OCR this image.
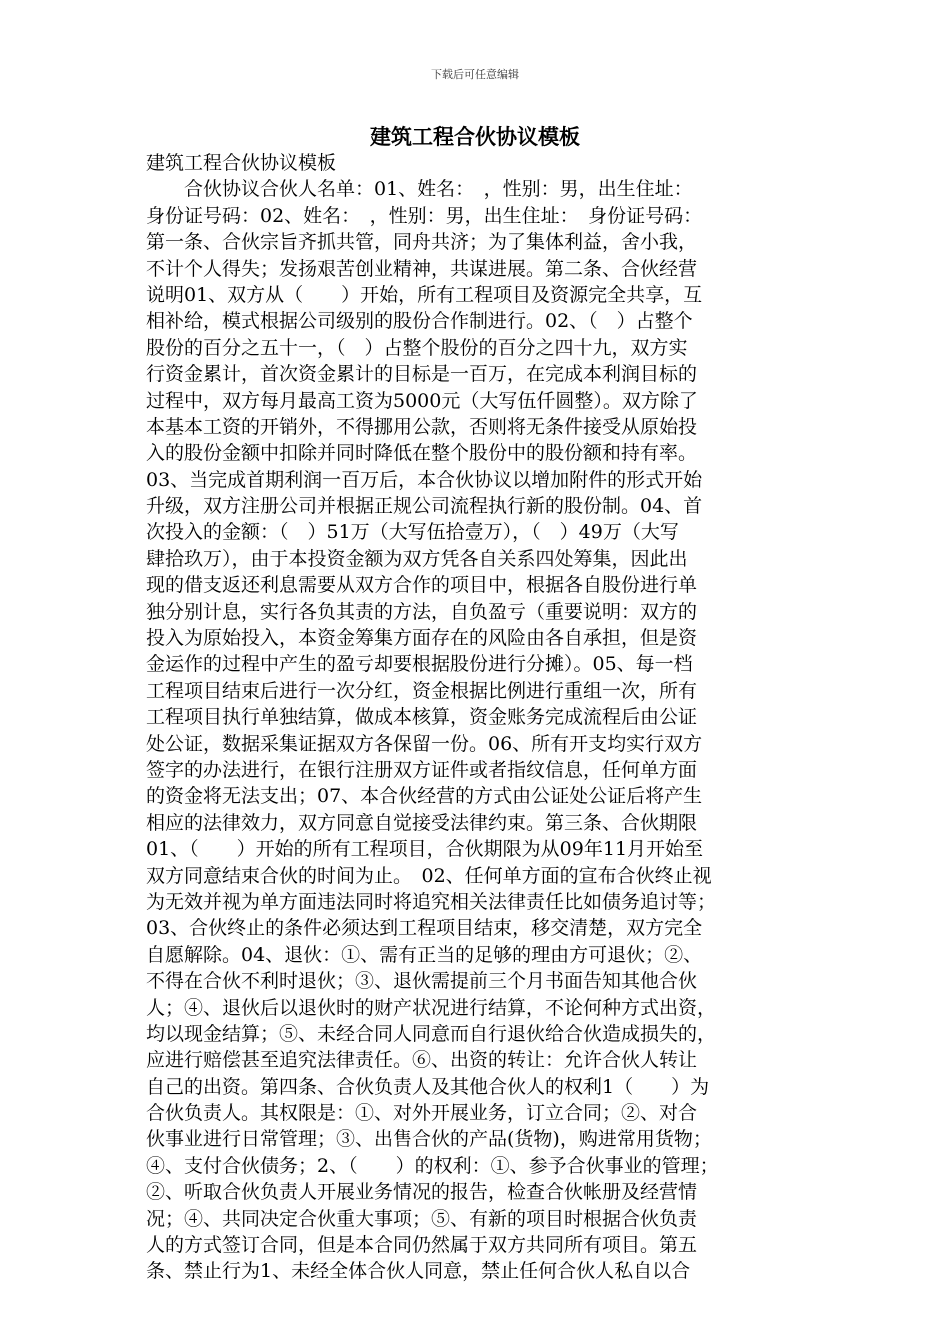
下载后可任意编辑
建筑工程合伙协议模板
建筑工程合伙协议模板
　　合伙协议合伙人名单：01、姓名：　，性别：男，出生住址：
身份证号码：02、姓名：　，性别：男，出生住址：　身份证号码：
第一条、合伙宗旨齐抓共管，同舟共济；为了集体利益，舍小我，
不计个人得失；发扬艰苦创业精神，共谋进展。第二条、合伙经营
说明01、双方从（　　）开始，所有工程项目及资源完全共享，互
相补给，模式根据公司级别的股份合作制进行。02、（　）占整个
股份的百分之五十一，（　）占整个股份的百分之四十九，双方实
行资金累计，首次资金累计的目标是一百万，在完成本利润目标的
过程中，双方每月最高工资为5000元（大写伍仟圆整）。双方除了
本基本工资的开销外，不得挪用公款，否则将无条件接受从原始投
入的股份金额中扣除并同时降低在整个股份中的股份额和持有率。
03、当完成首期利润一百万后，本合伙协议以增加附件的形式开始
升级，双方注册公司并根据正规公司流程执行新的股份制。04、首
次投入的金额：（　）51万（大写伍拾壹万），（　）49万（大写
肆拾玖万），由于本投资金额为双方凭各自关系四处筹集，因此出
现的借支返还利息需要从双方合作的项目中，根据各自股份进行单
独分别计息，实行各负其责的方法，自负盈亏（重要说明：双方的
投入为原始投入，本资金筹集方面存在的风险由各自承担，但是资
金运作的过程中产生的盈亏却要根据股份进行分摊）。05、每一档
工程项目结束后进行一次分红，资金根据比例进行重组一次，所有
工程项目执行单独结算，做成本核算，资金账务完成流程后由公证
处公证，数据采集证据双方各保留一份。06、所有开支均实行双方
签字的办法进行，在银行注册双方证件或者指纹信息，任何单方面
的资金将无法支出；07、本合伙经营的方式由公证处公证后将产生
相应的法律效力，双方同意自觉接受法律约束。第三条、合伙期限
01、（　　）开始的所有工程项目，合伙期限为从09年11月开始至
双方同意结束合伙的时间为止。　02、任何单方面的宣布合伙终止视
为无效并视为单方面违法同时将追究相关法律责任比如债务追讨等；
03、合伙终止的条件必须达到工程项目结束，移交清楚，双方完全
自愿解除。04、退伙：①、需有正当的足够的理由方可退伙；②、
不得在合伙不利时退伙；③、退伙需提前三个月书面告知其他合伙
人；④、退伙后以退伙时的财产状况进行结算，不论何种方式出资，
均以现金结算；⑤、未经合同人同意而自行退伙给合伙造成损失的，
应进行赔偿甚至追究法律责任。⑥、出资的转让：允许合伙人转让
自己的出资。第四条、合伙负责人及其他合伙人的权利1（　　）为
合伙负责人。其权限是：①、对外开展业务，订立合同；②、对合
伙事业进行日常管理；③、出售合伙的产品(货物)，购进常用货物；
④、支付合伙债务；2、（　　）的权利：①、参予合伙事业的管理；
②、听取合伙负责人开展业务情况的报告，检查合伙帐册及经营情
况；④、共同决定合伙重大事项；⑤、有新的项目时根据合伙负责
人的方式签订合同，但是本合同仍然属于双方共同所有项目。第五
条、禁止行为1、未经全体合伙人同意，禁止任何合伙人私自以合
